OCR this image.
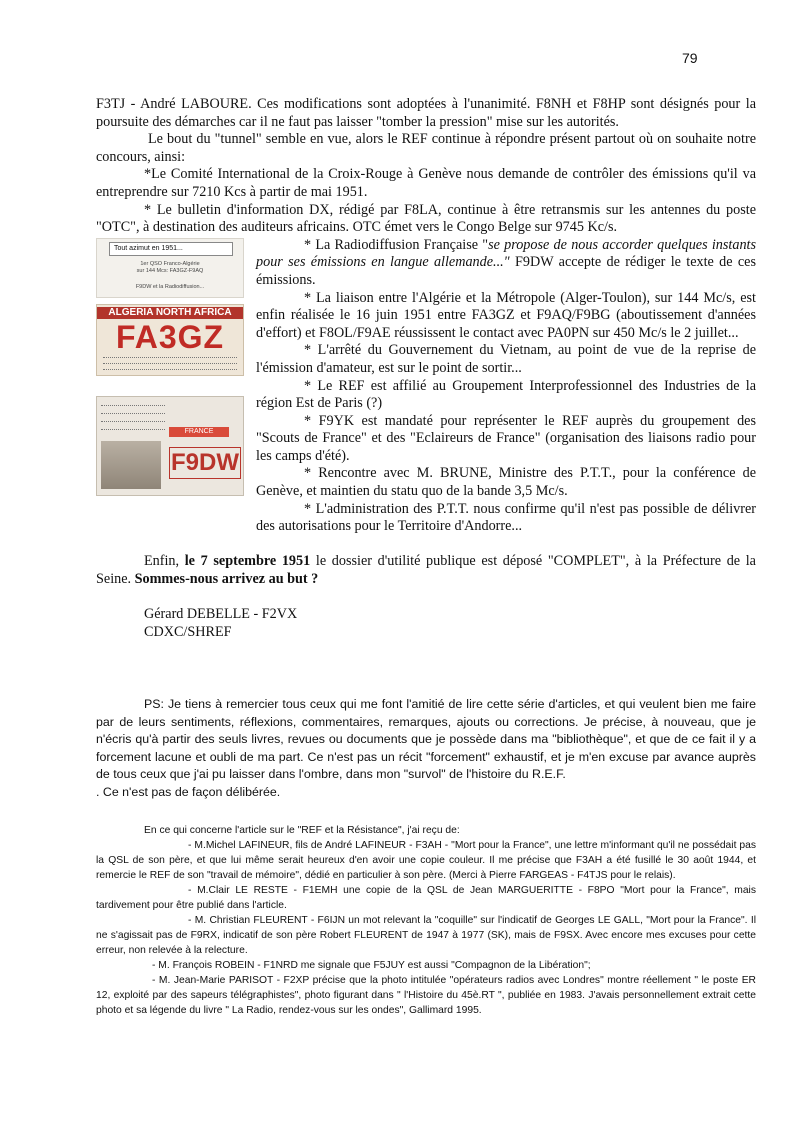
79

F3TJ - André LABOURE. Ces modifications sont adoptées à l'unanimité. F8NH et F8HP sont désignés pour la poursuite des démarches car il ne faut pas laisser "tomber la pression" mise sur les autorités.

Le bout du "tunnel" semble en vue, alors le REF continue à répondre présent partout où on souhaite notre concours, ainsi:

*Le Comité International de la Croix-Rouge à Genève nous demande de contrôler des émissions qu'il va entreprendre sur 7210 Kcs à partir de mai 1951.

* Le bulletin d'information DX, rédigé par F8LA, continue à être retransmis sur les antennes du poste "OTC", à destination des auditeurs africains. OTC émet vers le Congo Belge sur 9745 Kc/s.

Tout azimut en 1951...
1er QSO Franco-Algérie
sur 144 Mcs: FA3GZ-F9AQ
F9DW et la Radiodiffusion...
ALGERIA NORTH AFRICA
FA3GZ
FRANCE
F9DW

* La Radiodiffusion Française "se propose de nous accorder quelques instants pour ses émissions en langue allemande..." F9DW accepte de rédiger le texte de ces émissions.

* La liaison entre l'Algérie et la Métropole (Alger-Toulon), sur 144 Mc/s, est enfin réalisée le 16 juin 1951 entre FA3GZ et F9AQ/F9BG (aboutissement d'années d'effort) et F8OL/F9AE réussissent le contact avec PA0PN sur 450 Mc/s le 2 juillet...

* L'arrêté du Gouvernement du Vietnam, au point de vue de la reprise de l'émission d'amateur, est sur le point de sortir...

* Le REF est affilié au Groupement Interprofessionnel des Industries de la région Est de Paris (?)

* F9YK est mandaté pour représenter le REF auprès du groupement des "Scouts de France" et des "Eclaireurs de France" (organisation des liaisons radio pour les camps d'été).

* Rencontre avec M. BRUNE, Ministre des P.T.T., pour la conférence de Genève, et maintien du statu quo de la bande 3,5 Mc/s.

* L'administration des P.T.T. nous confirme qu'il n'est pas possible de délivrer des autorisations pour le Territoire d'Andorre...

Enfin, le 7 septembre 1951 le dossier d'utilité publique est déposé "COMPLET", à la Préfecture de la Seine. Sommes-nous arrivez au but ?

Gérard DEBELLE - F2VX

CDXC/SHREF

PS: Je tiens à remercier tous ceux qui me font l'amitié de lire cette série d'articles, et qui veulent bien me faire par de leurs sentiments, réflexions, commentaires, remarques, ajouts ou corrections. Je précise, à nouveau, que je n'écris qu'à partir des seuls livres, revues ou documents que je possède dans ma "bibliothèque", et que de ce fait il y a forcement lacune et oubli de ma part. Ce n'est pas un récit "forcement" exhaustif, et je m'en excuse par avance auprès de tous ceux que j'ai pu laisser dans l'ombre, dans mon "survol" de l'histoire du R.E.F.

. Ce n'est pas de façon délibérée.

En ce qui concerne l'article sur le "REF et la Résistance", j'ai reçu de:

- M.Michel LAFINEUR, fils de André LAFINEUR - F3AH - "Mort pour la France", une lettre m'informant qu'il ne possédait pas la QSL de son père, et que lui même serait heureux d'en avoir une copie couleur. Il me précise que F3AH a été fusillé le 30 août 1944, et remercie le REF de son "travail de mémoire", dédié en particulier à son père. (Merci à Pierre FARGEAS - F4TJS pour le relais).

- M.Clair LE RESTE - F1EMH une copie de la QSL de Jean MARGUERITTE - F8PO "Mort pour la France", mais tardivement pour être publié dans l'article.

- M. Christian FLEURENT - F6IJN un mot relevant la "coquille" sur l'indicatif de Georges LE GALL, "Mort pour la France". Il ne s'agissait pas de F9RX, indicatif de son père Robert FLEURENT de 1947 à 1977 (SK), mais de F9SX. Avec encore mes excuses pour cette erreur, non relevée à la relecture.

- M. François ROBEIN - F1NRD me signale que F5JUY est aussi "Compagnon de la Libération";

- M. Jean-Marie PARISOT - F2XP précise que la photo intitulée "opérateurs radios avec Londres" montre réellement " le poste ER 12, exploité par des sapeurs télégraphistes", photo figurant dans " l'Histoire du 45è.RT ", publiée en 1983. J'avais personnellement extrait cette photo et sa légende du livre " La Radio, rendez-vous sur les ondes", Gallimard 1995.
